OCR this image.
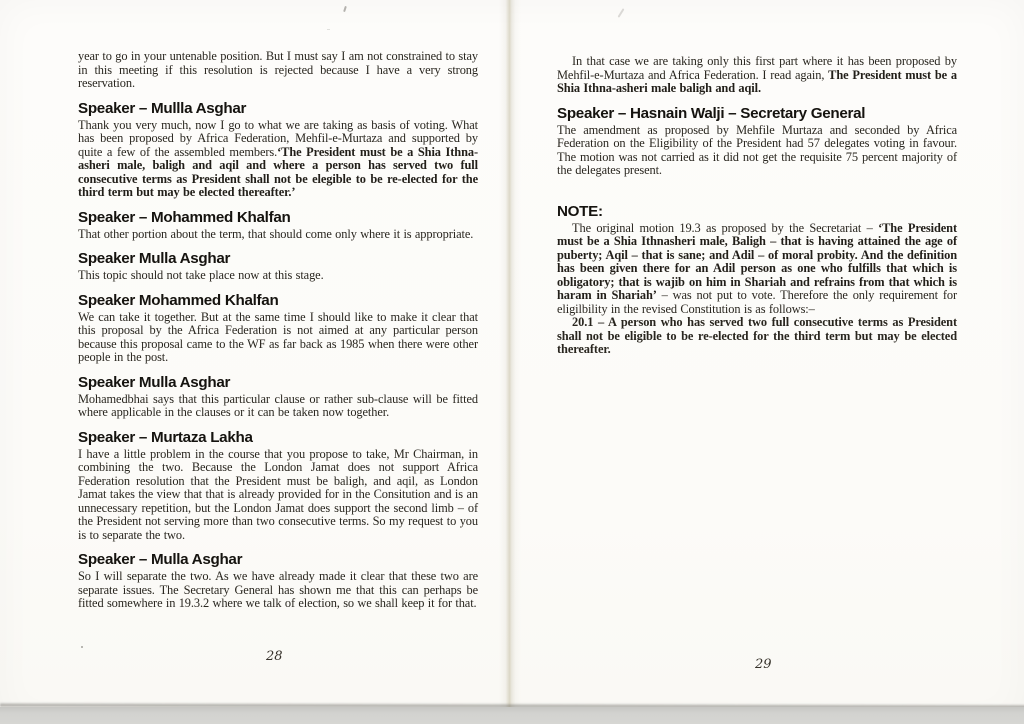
year to go in your untenable position. But I must say I am not constrained to stay in this meeting if this resolution is rejected because I have a very strong reservation.

Speaker – Mullla Asghar

Thank you very much, now I go to what we are taking as basis of voting. What has been proposed by Africa Federation, Mehfil-e-Murtaza and supported by quite a few of the assembled members.‘The President must be a Shia Ithna-asheri male, baligh and aqil and where a person has served two full consecutive terms as President shall not be elegible to be re-elected for the third term but may be elected thereafter.’

Speaker – Mohammed Khalfan

That other portion about the term, that should come only where it is appropriate.

Speaker Mulla Asghar

This topic should not take place now at this stage.

Speaker Mohammed Khalfan

We can take it together. But at the same time I should like to make it clear that this proposal by the Africa Federation is not aimed at any particular person because this proposal came to the WF as far back as 1985 when there were other people in the post.

Speaker Mulla Asghar

Mohamedbhai says that this particular clause or rather sub-clause will be fitted where applicable in the clauses or it can be taken now together.

Speaker – Murtaza Lakha

I have a little problem in the course that you propose to take, Mr Chairman, in combining the two. Because the London Jamat does not support Africa Federation resolution that the President must be baligh, and aqil, as London Jamat takes the view that that is already provided for in the Consitution and is an unnecessary repetition, but the London Jamat does support the second limb – of the President not serving more than two consecutive terms. So my request to you is to separate the two.

Speaker – Mulla Asghar

So I will separate the two. As we have already made it clear that these two are separate issues. The Secretary General has shown me that this can perhaps be fitted somewhere in 19.3.2 where we talk of election, so we shall keep it for that.

28

In that case we are taking only this first part where it has been proposed by Mehfil-e-Murtaza and Africa Federation. I read again, The President must be a Shia Ithna-asheri male baligh and aqil.

Speaker – Hasnain Walji – Secretary General

The amendment as proposed by Mehfile Murtaza and seconded by Africa Federation on the Eligibility of the President had 57 delegates voting in favour. The motion was not carried as it did not get the requisite 75 percent majority of the delegates present.

NOTE:

The original motion 19.3 as proposed by the Secretariat – ‘The President must be a Shia Ithnasheri male, Baligh – that is having attained the age of puberty; Aqil – that is sane; and Adil – of moral probity. And the definition has been given there for an Adil person as one who fulfills that which is obligatory; that is wajib on him in Shariah and refrains from that which is haram in Shariah’ – was not put to vote. Therefore the only requirement for eligilbility in the revised Constitution is as follows:–

20.1 – A person who has served two full consecutive terms as President shall not be eligible to be re-elected for the third term but may be elected thereafter.

29
